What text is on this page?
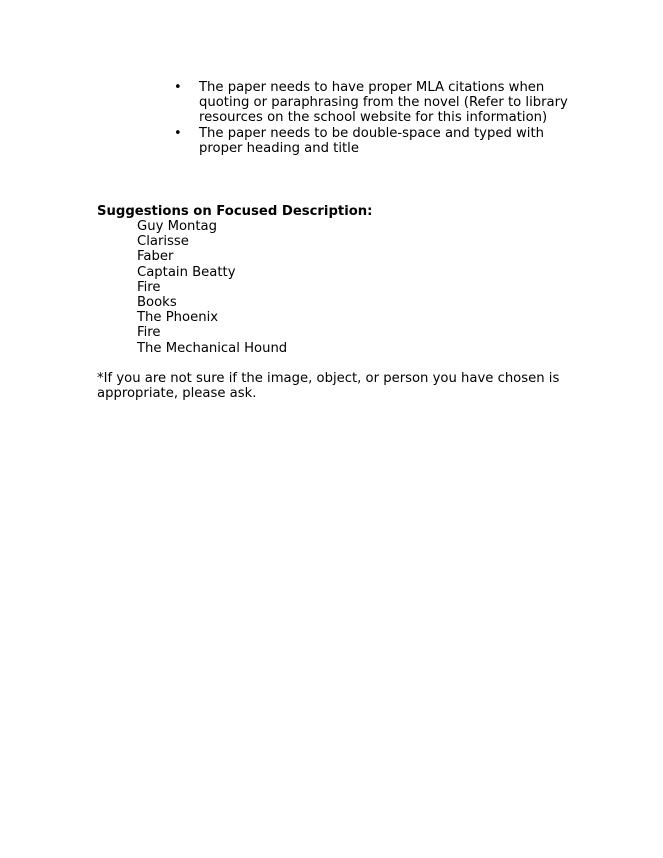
• The paper needs to have proper MLA citations when quoting or paraphrasing from the novel (Refer to library resources on the school website for this information)
• The paper needs to be double-space and typed with proper heading and title

Suggestions on Focused Description:

Guy Montag
Clarisse
Faber
Captain Beatty
Fire
Books
The Phoenix
Fire
The Mechanical Hound

*If you are not sure if the image, object, or person you have chosen is appropriate, please ask.
